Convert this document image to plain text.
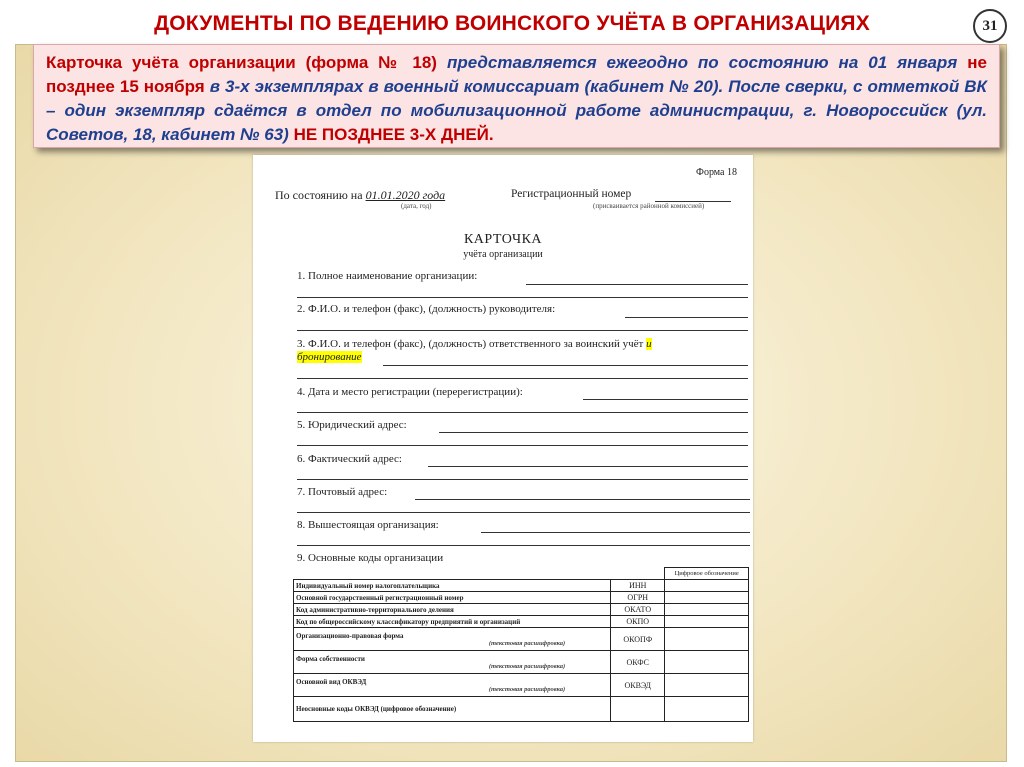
ДОКУМЕНТЫ ПО ВЕДЕНИЮ ВОИНСКОГО УЧЁТА В ОРГАНИЗАЦИЯХ	31
Карточка учёта организации (форма № 18) представляется ежегодно по состоянию на 01 января не позднее 15 ноября в 3-х экземплярах в военный комиссариат (кабинет № 20). После сверки, с отметкой ВК – один экземпляр сдаётся в отдел по мобилизационной работе администрации, г. Новороссийск (ул. Советов, 18, кабинет № 63) НЕ ПОЗДНЕЕ 3-Х ДНЕЙ.
Форма 18
По состоянию на 01.01.2020 года
(дата, год)
Регистрационный номер
(присваивается районной комиссией)
КАРТОЧКА
учёта организации
1. Полное наименование организации:
2. Ф.И.О. и телефон (факс), (должность) руководителя:
3. Ф.И.О. и телефон (факс), (должность) ответственного за воинский учёт и
бронирование
4. Дата и место регистрации (перерегистрации):
5. Юридический адрес:
6. Фактический адрес:
7. Почтовый адрес:
8. Вышестоящая организация:
9. Основные коды организации
		Цифровое обозначение
Индивидуальный номер налогоплательщика	ИНН	
Основной государственный регистрационный номер	ОГРН	
Код административно-территориального деления	ОКАТО	
Код по общероссийскому классификатору предприятий и организаций	ОКПО	
Организационно-правовая форма
(текстовая расшифровка)	ОКОПФ	
Форма собственности
(текстовая расшифровка)	ОКФС	
Основной вид ОКВЭД
(текстовая расшифровка)	ОКВЭД	
Неосновные коды ОКВЭД (цифровое обозначение)		
